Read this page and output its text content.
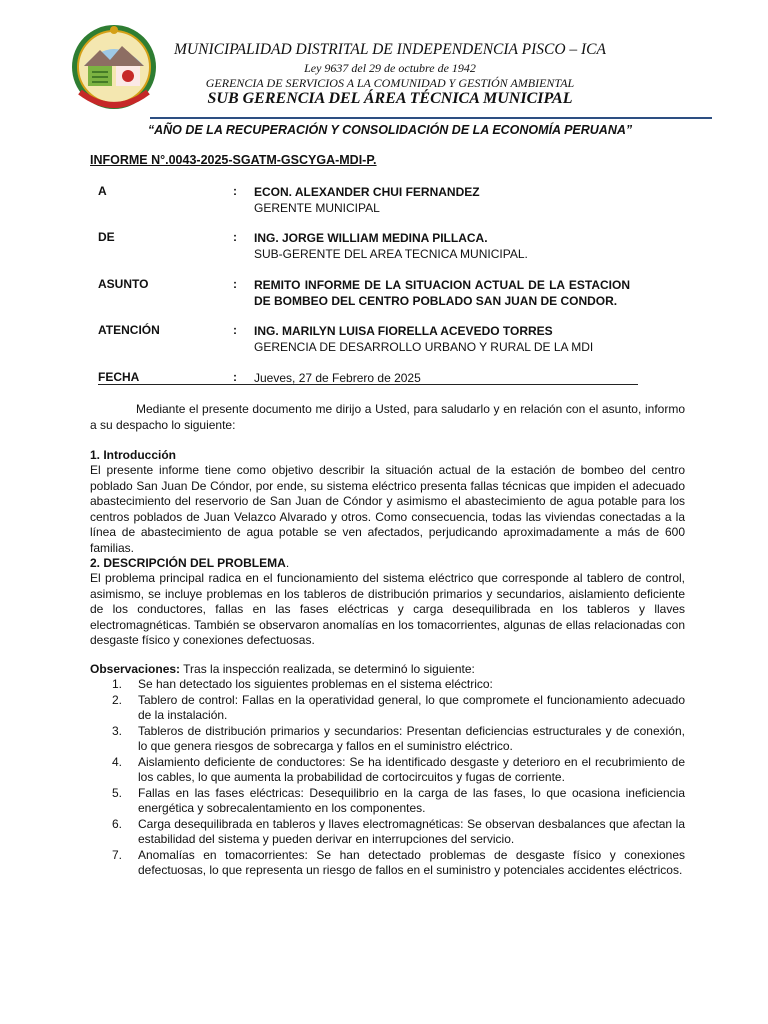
MUNICIPALIDAD DISTRITAL DE INDEPENDENCIA PISCO – ICA
Ley 9637 del 29 de octubre de 1942
GERENCIA DE SERVICIOS A LA COMUNIDAD Y GESTIÓN AMBIENTAL
SUB GERENCIA DEL ÁREA TÉCNICA MUNICIPAL
“AÑO DE LA RECUPERACIÓN Y CONSOLIDACIÓN DE LA ECONOMÍA PERUANA”
INFORME N°.0043-2025-SGATM-GSCYGA-MDI-P.
A	: ECON. ALEXANDER CHUI FERNANDEZ
GERENTE MUNICIPAL
DE	: ING. JORGE WILLIAM MEDINA PILLACA.
SUB-GERENTE DEL AREA TECNICA MUNICIPAL.
ASUNTO	: REMITO INFORME DE LA SITUACION ACTUAL DE LA ESTACION
DE BOMBEO DEL CENTRO POBLADO SAN JUAN DE CONDOR.
ATENCIÓN	: ING. MARILYN LUISA FIORELLA ACEVEDO TORRES
GERENCIA DE DESARROLLO URBANO Y RURAL DE LA MDI
FECHA	: Jueves, 27 de Febrero de 2025

Mediante el presente documento me dirijo a Usted, para saludarlo y en relación con el asunto, informo a su despacho lo siguiente:

1. Introducción

El presente informe tiene como objetivo describir la situación actual de la estación de bombeo del centro poblado San Juan De Cóndor, por ende, su sistema eléctrico presenta fallas técnicas que impiden el adecuado abastecimiento del reservorio de San Juan de Cóndor y asimismo el abastecimiento de agua potable para los centros poblados de Juan Velazco Alvarado y otros. Como consecuencia, todas las viviendas conectadas a la línea de abastecimiento de agua potable se ven afectados, perjudicando aproximadamente a más de 600 familias.

2. DESCRIPCIÓN DEL PROBLEMA.

El problema principal radica en el funcionamiento del sistema eléctrico que corresponde al tablero de control, asimismo, se incluye problemas en los tableros de distribución primarios y secundarios, aislamiento deficiente de los conductores, fallas en las fases eléctricas y carga desequilibrada en los tableros y llaves electromagnéticas. También se observaron anomalías en los tomacorrientes, algunas de ellas relacionadas con desgaste físico y conexiones defectuosas.

Observaciones: Tras la inspección realizada, se determinó lo siguiente:

1. Se han detectado los siguientes problemas en el sistema eléctrico:
2. Tablero de control: Fallas en la operatividad general, lo que compromete el funcionamiento adecuado de la instalación.
3. Tableros de distribución primarios y secundarios: Presentan deficiencias estructurales y de conexión, lo que genera riesgos de sobrecarga y fallos en el suministro eléctrico.
4. Aislamiento deficiente de conductores: Se ha identificado desgaste y deterioro en el recubrimiento de los cables, lo que aumenta la probabilidad de cortocircuitos y fugas de corriente.
5. Fallas en las fases eléctricas: Desequilibrio en la carga de las fases, lo que ocasiona ineficiencia energética y sobrecalentamiento en los componentes.
6. Carga desequilibrada en tableros y llaves electromagnéticas: Se observan desbalances que afectan la estabilidad del sistema y pueden derivar en interrupciones del servicio.
7. Anomalías en tomacorrientes: Se han detectado problemas de desgaste físico y conexiones defectuosas, lo que representa un riesgo de fallos en el suministro y potenciales accidentes eléctricos.
